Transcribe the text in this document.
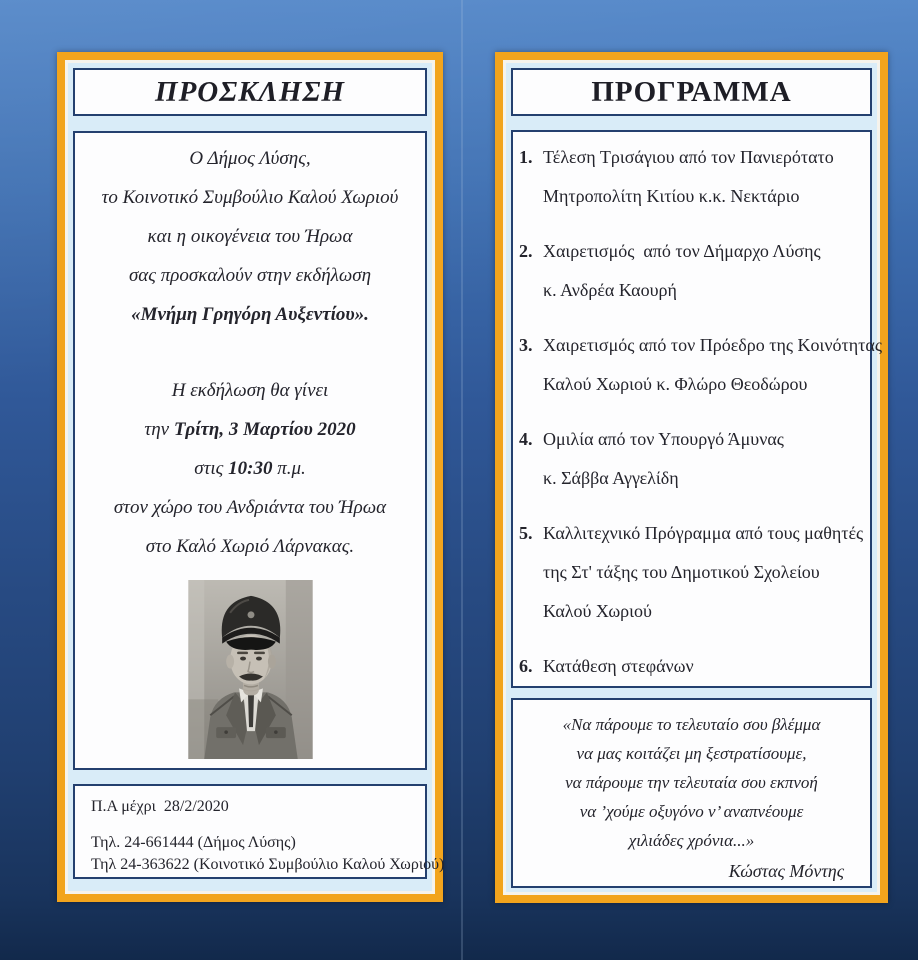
ΠΡΟΣΚΛΗΣΗ

Ο Δήμος Λύσης,

το Κοινοτικό Συμβούλιο Καλού Χωριού

και η οικογένεια του Ήρωα

σας προσκαλούν στην εκδήλωση

«Μνήμη Γρηγόρη Αυξεντίου».

Η εκδήλωση θα γίνει

την Τρίτη, 3 Μαρτίου 2020

στις 10:30 π.μ.

στον χώρο του Ανδριάντα του Ήρωα

στο Καλό Χωριό Λάρνακας.

Π.Α μέχρι  28/2/2020

Τηλ. 24-661444 (Δήμος Λύσης)

Τηλ 24-363622 (Κοινοτικό Συμβούλιο Καλού Χωριού)

ΠΡΟΓΡΑΜΜΑ
1. Τέλεση Τρισάγιου από τον Πανιερότατο
Μητροπολίτη Κιτίου κ.κ. Νεκτάριο
2. Χαιρετισμός  από τον Δήμαρχο Λύσης
κ. Ανδρέα Καουρή
3. Χαιρετισμός από τον Πρόεδρο της Κοινότητας
Καλού Χωριού κ. Φλώρο Θεοδώρου
4. Ομιλία από τον Υπουργό Άμυνας
κ. Σάββα Αγγελίδη
5. Καλλιτεχνικό Πρόγραμμα από τους μαθητές
της Στ' τάξης του Δημοτικού Σχολείου
Καλού Χωριού
6. Κατάθεση στεφάνων

«Να πάρουμε το τελευταίο σου βλέμμα

να μας κοιτάζει μη ξεστρατίσουμε,

να πάρουμε την τελευταία σου εκπνοή

να ’χούμε οξυγόνο ν’ αναπνέουμε

χιλιάδες χρόνια...»

Κώστας Μόντης
